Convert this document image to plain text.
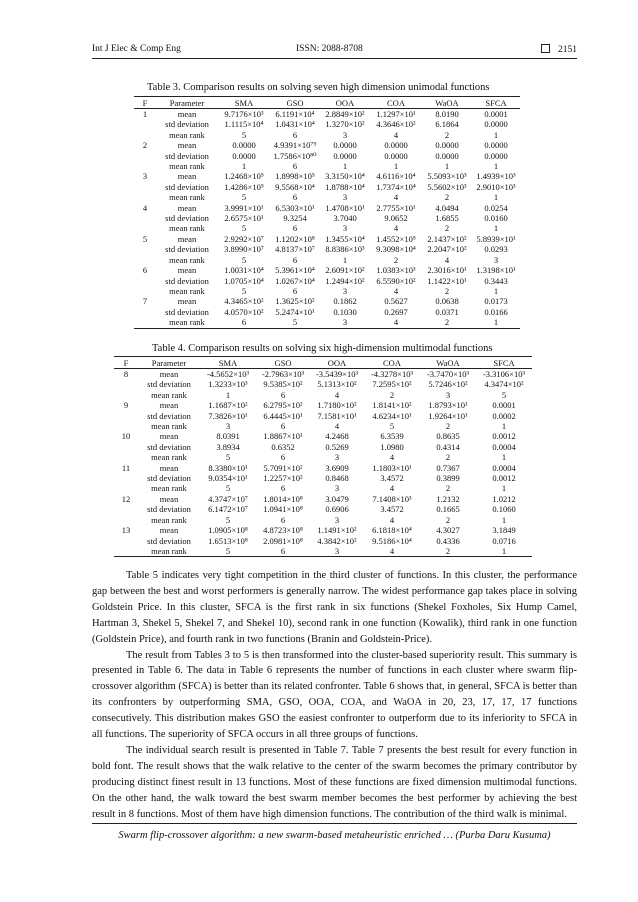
Int J Elec & Comp Eng	ISSN: 2088-8708	2151
Table 3. Comparison results on solving seven high dimension unimodal functions
F	Parameter	SMA	GSO	OOA	COA	WaOA	SFCA
1	mean	9.7176×10³	6.1191×10⁴	2.8849×10²	1.1297×10¹	8.0190	0.0001
	std deviation	1.1115×10⁴	1.0431×10⁴	1.3270×10²	4.3646×10²	6.1864	0.0000
	mean rank	5	6	3	4	2	1
2	mean	0.0000	4.9391×10⁷⁹	0.0000	0.0000	0.0000	0.0000
	std deviation	0.0000	1.7586×10⁸⁰	0.0000	0.0000	0.0000	0.0000
	mean rank	1	6	1	1	1	1
3	mean	1.2468×10⁵	1.8998×10⁵	3.3150×10⁴	4.6116×10⁴	5.5093×10³	1.4939×10³
	std deviation	1.4286×10⁵	9.5568×10⁴	1.8788×10⁴	1.7374×10⁴	5.5602×10³	2.9010×10³
	mean rank	5	6	3	4	2	1
4	mean	3.9991×10¹	6.5303×10¹	1.4708×10¹	2.7755×10¹	4.0494	0.0254
	std deviation	2.6575×10¹	9.3254	3.7040	9.0652	1.6855	0.0160
	mean rank	5	6	3	4	2	1
5	mean	2.9292×10⁷	1.1202×10⁸	1.3455×10⁴	1.4552×10⁵	2.1437×10²	5.8939×10¹
	std deviation	3.8990×10⁷	4.8137×10⁷	8.8386×10³	9.3098×10⁴	2.2047×10²	0.0293
	mean rank	5	6	1	2	4	3
6	mean	1.0031×10⁴	5.3961×10⁴	2.6091×10²	1.0383×10³	2.3016×10¹	1.3198×10¹
	std deviation	1.0705×10⁴	1.0267×10⁴	1.2494×10²	6.5590×10²	1.1422×10¹	0.3443
	mean rank	5	6	3	4	2	1
7	mean	4.3465×10²	1.3625×10²	0.1862	0.5627	0.0638	0.0173
	std deviation	4.0570×10²	5.2474×10¹	0.1030	0.2697	0.0371	0.0166
	mean rank	6	5	3	4	2	1
Table 4. Comparison results on solving six high-dimension multimodal functions
F	Parameter	SMA	GSO	OOA	COA	WaOA	SFCA
8	mean	-4.5652×10³	-2.7963×10³	-3.5439×10³	-4.3278×10³	-3.7470×10³	-3.3106×10³
	std deviation	1.3233×10³	9.5385×10²	5.1313×10²	7.2595×10²	5.7246×10²	4.3474×10²
	mean rank	1	6	4	2	3	5
9	mean	1.1687×10²	6.2795×10²	1.7180×10²	1.8141×10²	1.8793×10¹	0.0001
	std deviation	7.3826×10¹	6.4445×10¹	7.1581×10¹	4.6234×10¹	1.9264×10¹	0.0002
	mean rank	3	6	4	5	2	1
10	mean	8.0391	1.8867×10¹	4.2468	6.3539	0.8635	0.0012
	std deviation	3.8934	0.6352	0.5269	1.0980	0.4314	0.0004
	mean rank	5	6	3	4	2	1
11	mean	8.3380×10¹	5.7091×10²	3.6909	1.1803×10¹	0.7367	0.0004
	std deviation	9.0354×10¹	1.2257×10²	0.8468	3.4572	0.3899	0.0012
	mean rank	5	6	3	4	2	1
12	mean	4.3747×10⁷	1.8014×10⁸	3.0479	7.1408×10³	1.2132	1.0212
	std deviation	6.1472×10⁷	1.0941×10⁸	0.6906	3.4572	0.1665	0.1060
	mean rank	5	6	3	4	2	1
13	mean	1.0905×10⁸	4.8723×10⁸	1.1491×10²	6.1818×10⁴	4.3027	3.1849
	std deviation	1.6513×10⁸	2.0981×10⁸	4.3842×10²	9.5186×10⁴	0.4336	0.0716
	mean rank	5	6	3	4	2	1

Table 5 indicates very tight competition in the third cluster of functions. In this cluster, the performance gap between the best and worst performers is generally narrow. The widest performance gap takes place in solving Goldstein Price. In this cluster, SFCA is the first rank in six functions (Shekel Foxholes, Six Hump Camel, Hartman 3, Shekel 5, Shekel 7, and Shekel 10), second rank in one function (Kowalik), third rank in one function (Goldstein Price), and fourth rank in two functions (Branin and Goldstein-Price).

The result from Tables 3 to 5 is then transformed into the cluster-based superiority result. This summary is presented in Table 6. The data in Table 6 represents the number of functions in each cluster where swarm flip-crossover algorithm (SFCA) is better than its related confronter. Table 6 shows that, in general, SFCA is better than its confronters by outperforming SMA, GSO, OOA, COA, and WaOA in 20, 23, 17, 17, 17 functions consecutively. This distribution makes GSO the easiest confronter to outperform due to its inferiority to SFCA in all functions. The superiority of SFCA occurs in all three groups of functions.

The individual search result is presented in Table 7. Table 7 presents the best result for every function in bold font. The result shows that the walk relative to the center of the swarm becomes the primary contributor by producing distinct finest result in 13 functions. Most of these functions are fixed dimension multimodal functions. On the other hand, the walk toward the best swarm member becomes the best performer by achieving the best result in 8 functions. Most of them have high dimension functions. The contribution of the third walk is minimal.

Swarm flip-crossover algorithm: a new swarm-based metaheuristic enriched … (Purba Daru Kusuma)
